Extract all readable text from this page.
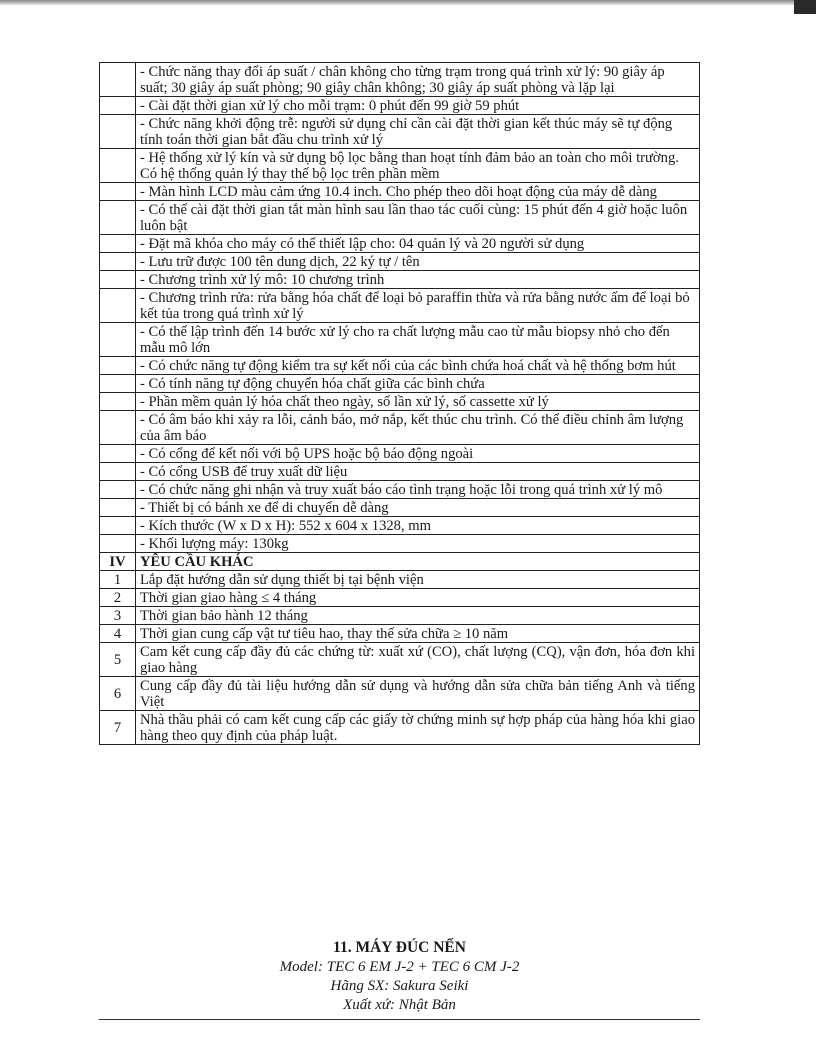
	- Chức năng thay đổi áp suất / chân không cho từng trạm trong quá trình xử lý: 90 giây áp suất; 30 giây áp suất phòng; 90 giây chân không; 30 giây áp suất phòng và lặp lại
	- Cài đặt thời gian xử lý cho mỗi trạm: 0 phút đến 99 giờ 59 phút
	- Chức năng khởi động trễ: người sử dụng chỉ cần cài đặt thời gian kết thúc máy sẽ tự động tính toán thời gian bắt đầu chu trình xử lý
	- Hệ thống xử lý kín và sử dụng bộ lọc bằng than hoạt tính đảm bảo an toàn cho môi trường. Có hệ thống quản lý thay thế bộ lọc trên phần mềm
	- Màn hình LCD màu cảm ứng 10.4 inch. Cho phép theo dõi hoạt động của máy dễ dàng
	- Có thể cài đặt thời gian tắt màn hình sau lần thao tác cuối cùng: 15 phút đến 4 giờ hoặc luôn luôn bật
	- Đặt mã khóa cho máy có thể thiết lập cho: 04 quản lý và 20 người sử dụng
	- Lưu trữ được 100 tên dung dịch, 22 ký tự / tên
	- Chương trình xử lý mô: 10 chương trình
	- Chương trình rửa: rửa bằng hóa chất để loại bỏ paraffin thừa và rửa bằng nước ấm để loại bỏ kết tủa trong quá trình xử lý
	- Có thể lập trình đến 14 bước xử lý cho ra chất lượng mẫu cao từ mẫu biopsy nhỏ cho đến mẫu mô lớn
	- Có chức năng tự động kiểm tra sự kết nối của các bình chứa hoá chất và hệ thống bơm hút
	- Có tính năng tự động chuyển hóa chất giữa các bình chứa
	- Phần mềm quản lý hóa chất theo ngày, số lần xử lý, số cassette xử lý
	- Có âm báo khi xảy ra lỗi, cảnh báo, mở nắp, kết thúc chu trình. Có thể điều chỉnh âm lượng của âm báo
	- Có cổng để kết nối với bộ UPS hoặc bộ báo động ngoài
	- Có cổng USB để truy xuất dữ liệu
	- Có chức năng ghi nhận và truy xuất báo cáo tình trạng hoặc lỗi trong quá trình xử lý mô
	- Thiết bị có bánh xe để di chuyển dễ dàng
	- Kích thước (W x D x H): 552 x 604 x 1328, mm
	- Khối lượng máy: 130kg
IV	YÊU CẦU KHÁC
1	Lắp đặt hướng dẫn sử dụng thiết bị tại bệnh viện
2	Thời gian giao hàng ≤ 4 tháng
3	Thời gian bảo hành 12 tháng
4	Thời gian cung cấp vật tư tiêu hao, thay thế sửa chữa ≥ 10 năm
5	Cam kết cung cấp đầy đủ các chứng từ: xuất xứ (CO), chất lượng (CQ), vận đơn, hóa đơn khi giao hàng
6	Cung cấp đầy đủ tài liệu hướng dẫn sử dụng và hướng dẫn sửa chữa bản tiếng Anh và tiếng Việt
7	Nhà thầu phải có cam kết cung cấp các giấy tờ chứng minh sự hợp pháp của hàng hóa khi giao hàng theo quy định của pháp luật.
11. MÁY ĐÚC NẾN
Model: TEC 6 EM J-2 + TEC 6 CM J-2
Hãng SX: Sakura Seiki
Xuất xứ: Nhật Bản
